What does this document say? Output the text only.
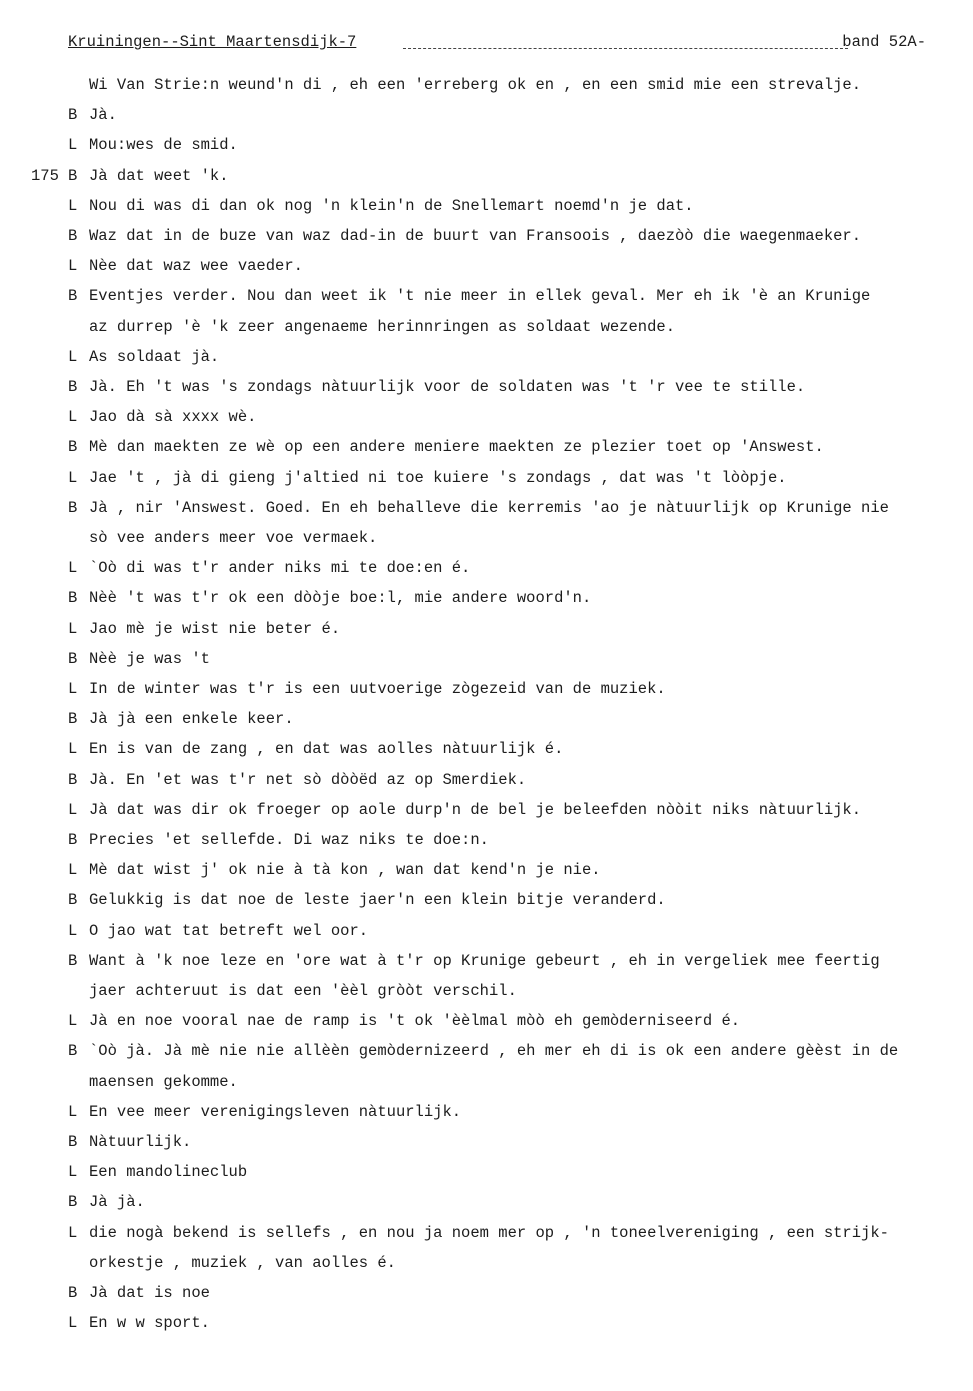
Kruiningen--Sint Maartensdijk-7	band 52A-
Wi Van Strie:n weund'n di , eh een 'erreberg ok en , en een smid mie een strevalje.
B Jà.
L Mou:wes de smid.
175 B Jà dat weet 'k.
L Nou di was di dan ok nog 'n klein'n de Snellemart noemd'n je dat.
B Waz dat in de buze van waz dad-in de buurt van Fransoois , daezòò die waegenmaeker.
L Nèe dat waz wee vaeder.
B Eventjes verder. Nou dan weet ik 't nie meer in ellek geval. Mer eh ik 'è an Krunige
az durrep 'è 'k zeer angenaeme herinnringen as soldaat wezende.
L As soldaat jà.
B Jà. Eh 't was 's zondags nàtuurlijk voor de soldaten was 't 'r vee te stille.
L Jao dà sà xxxx wè.
B Mè dan maekten ze wè op een andere meniere maekten ze plezier toet op 'Answest.
L Jae 't , jà di gieng j'altied ni toe kuiere 's zondags , dat was 't lòòpje.
B Jà , nir 'Answest. Goed. En eh behalleve die kerremis 'ao je nàtuurlijk op Krunige nie
sò vee anders meer voe vermaek.
L `Oò di was t'r ander niks mi te doe:en é.
B Nèè 't was t'r ok een dòòje boe:l, mie andere woord'n.
L Jao mè je wist nie beter é.
B Nèè je was 't
L In de winter was t'r is een uutvoerige zògezeid van de muziek.
B Jà jà een enkele keer.
L En is van de zang , en dat was aolles nàtuurlijk é.
B Jà. En 'et was t'r net sò dòòëd az op Smerdiek.
L Jà dat was dir ok froeger op aole durp'n de bel je beleefden nòòit niks nàtuurlijk.
B Precies 'et sellefde. Di waz niks te doe:n.
L Mè dat wist j' ok nie à tà kon , wan dat kend'n je nie.
B Gelukkig is dat noe de leste jaer'n een klein bitje veranderd.
L O jao wat tat betreft wel oor.
B Want à 'k noe leze en 'ore wat à t'r op Krunige gebeurt , eh in vergeliek mee feertig
jaer achteruut is dat een 'èèl gròòt verschil.
L Jà en noe vooral nae de ramp is 't ok 'èèlmal mòò eh gemòderniseerd é.
B `Oò jà. Jà mè nie nie allèèn gemòdernizeerd , eh mer eh di is ok een andere gèèst in de
maensen gekomme.
L En vee meer verenigingsleven nàtuurlijk.
B Nàtuurlijk.
L Een mandolineclub
B Jà jà.
L die nogà bekend is sellefs , en nou ja noem mer op , 'n toneelvereniging , een strijk-
orkestje , muziek , van aolles é.
B Jà dat is noe
L En w w sport.
